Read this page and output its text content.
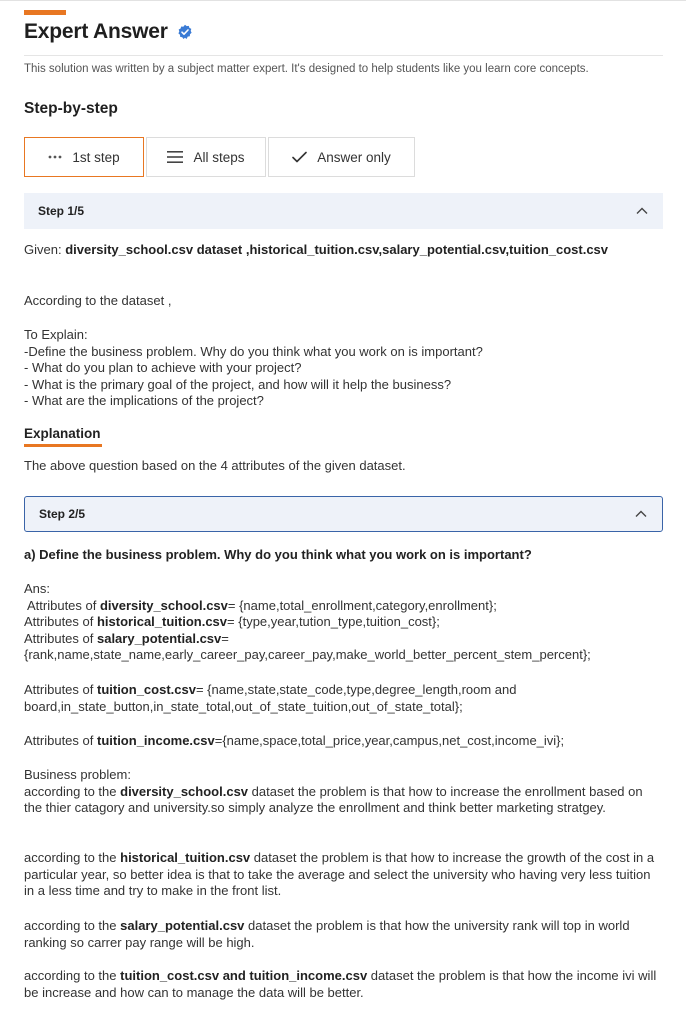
Expert Answer
This solution was written by a subject matter expert. It's designed to help students like you learn core concepts.
Step-by-step
1st step	All steps	Answer only
Step 1/5
Given: diversity_school.csv dataset ,historical_tuition.csv,salary_potential.csv,tuition_cost.csv
According to the dataset ,
To Explain:
-Define the business problem. Why do you think what you work on is important?
- What do you plan to achieve with your project?
- What is the primary goal of the project, and how will it help the business?
- What are the implications of the project?
Explanation
The above question based on the 4 attributes of the given dataset.
Step 2/5
a) Define the business problem. Why do you think what you work on is important?
Ans:
Attributes of diversity_school.csv= {name,total_enrollment,category,enrollment};
Attributes of historical_tuition.csv= {type,year,tution_type,tuition_cost};
Attributes of salary_potential.csv=
{rank,name,state_name,early_career_pay,career_pay,make_world_better_percent_stem_percent};
Attributes of tuition_cost.csv= {name,state,state_code,type,degree_length,room and
board,in_state_button,in_state_total,out_of_state_tuition,out_of_state_total};
Attributes of tuition_income.csv={name,space,total_price,year,campus,net_cost,income_ivi};
Business problem:
according to the diversity_school.csv dataset the problem is that how to increase the enrollment based on the thier catagory and university.so simply analyze the enrollment and think better marketing stratgey.
according to the historical_tuition.csv dataset the problem is that how to increase the growth of the cost in a particular year, so better idea is that to take the average and select the university who having very less tuition in a less time and try to make in the front list.
according to the salary_potential.csv dataset the problem is that how the university rank will top in world ranking so carrer pay range will be high.
according to the tuition_cost.csv and tuition_income.csv dataset the problem is that how the income ivi will be increase and how can to manage the data will be better.
